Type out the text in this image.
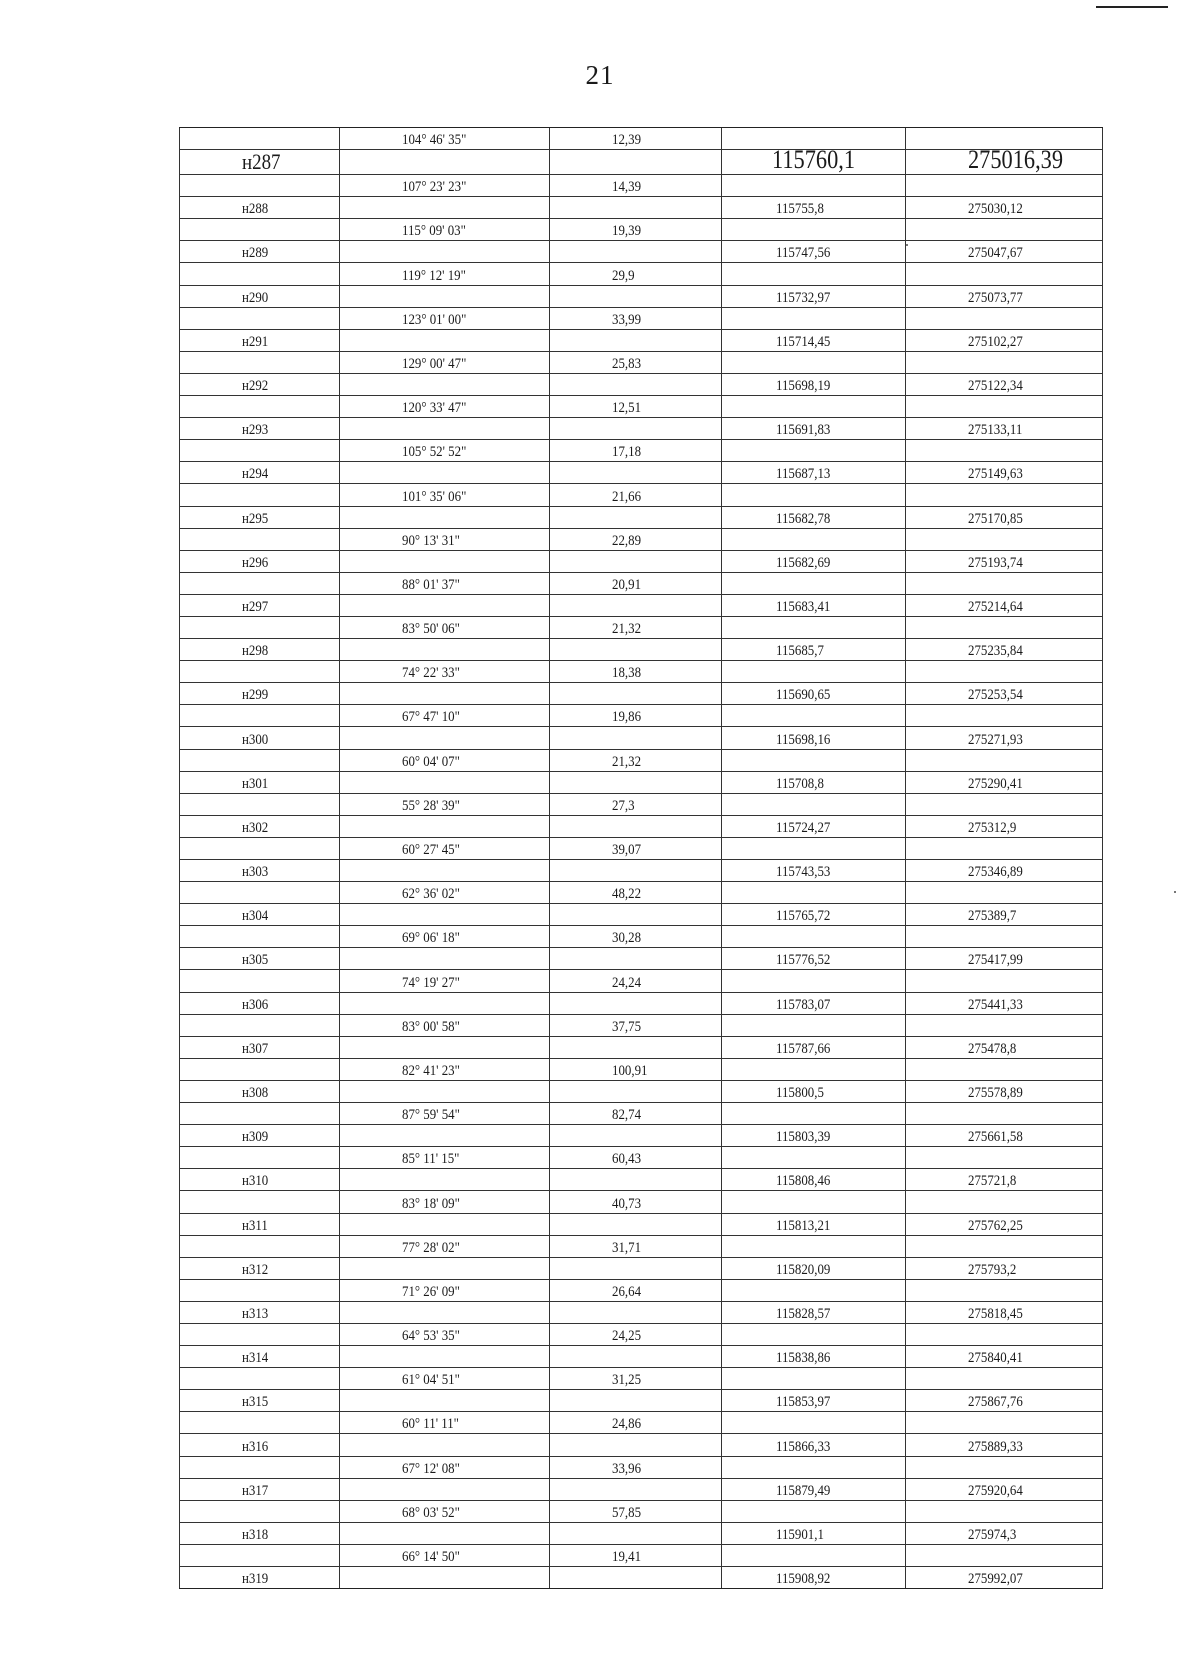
21
104° 46' 35"	12,39
н287	115760,1	275016,39
107° 23' 23"	14,39
н288	115755,8	275030,12
115° 09' 03"	19,39
н289	115747,56	275047,67
119° 12' 19"	29,9
н290	115732,97	275073,77
123° 01' 00"	33,99
н291	115714,45	275102,27
129° 00' 47"	25,83
н292	115698,19	275122,34
120° 33' 47"	12,51
н293	115691,83	275133,11
105° 52' 52"	17,18
н294	115687,13	275149,63
101° 35' 06"	21,66
н295	115682,78	275170,85
90° 13' 31"	22,89
н296	115682,69	275193,74
88° 01' 37"	20,91
н297	115683,41	275214,64
83° 50' 06"	21,32
н298	115685,7	275235,84
74° 22' 33"	18,38
н299	115690,65	275253,54
67° 47' 10"	19,86
н300	115698,16	275271,93
60° 04' 07"	21,32
н301	115708,8	275290,41
55° 28' 39"	27,3
н302	115724,27	275312,9
60° 27' 45"	39,07
н303	115743,53	275346,89
62° 36' 02"	48,22
н304	115765,72	275389,7
69° 06' 18"	30,28
н305	115776,52	275417,99
74° 19' 27"	24,24
н306	115783,07	275441,33
83° 00' 58"	37,75
н307	115787,66	275478,8
82° 41' 23"	100,91
н308	115800,5	275578,89
87° 59' 54"	82,74
н309	115803,39	275661,58
85° 11' 15"	60,43
н310	115808,46	275721,8
83° 18' 09"	40,73
н311	115813,21	275762,25
77° 28' 02"	31,71
н312	115820,09	275793,2
71° 26' 09"	26,64
н313	115828,57	275818,45
64° 53' 35"	24,25
н314	115838,86	275840,41
61° 04' 51"	31,25
н315	115853,97	275867,76
60° 11' 11"	24,86
н316	115866,33	275889,33
67° 12' 08"	33,96
н317	115879,49	275920,64
68° 03' 52"	57,85
н318	115901,1	275974,3
66° 14' 50"	19,41
н319	115908,92	275992,07
